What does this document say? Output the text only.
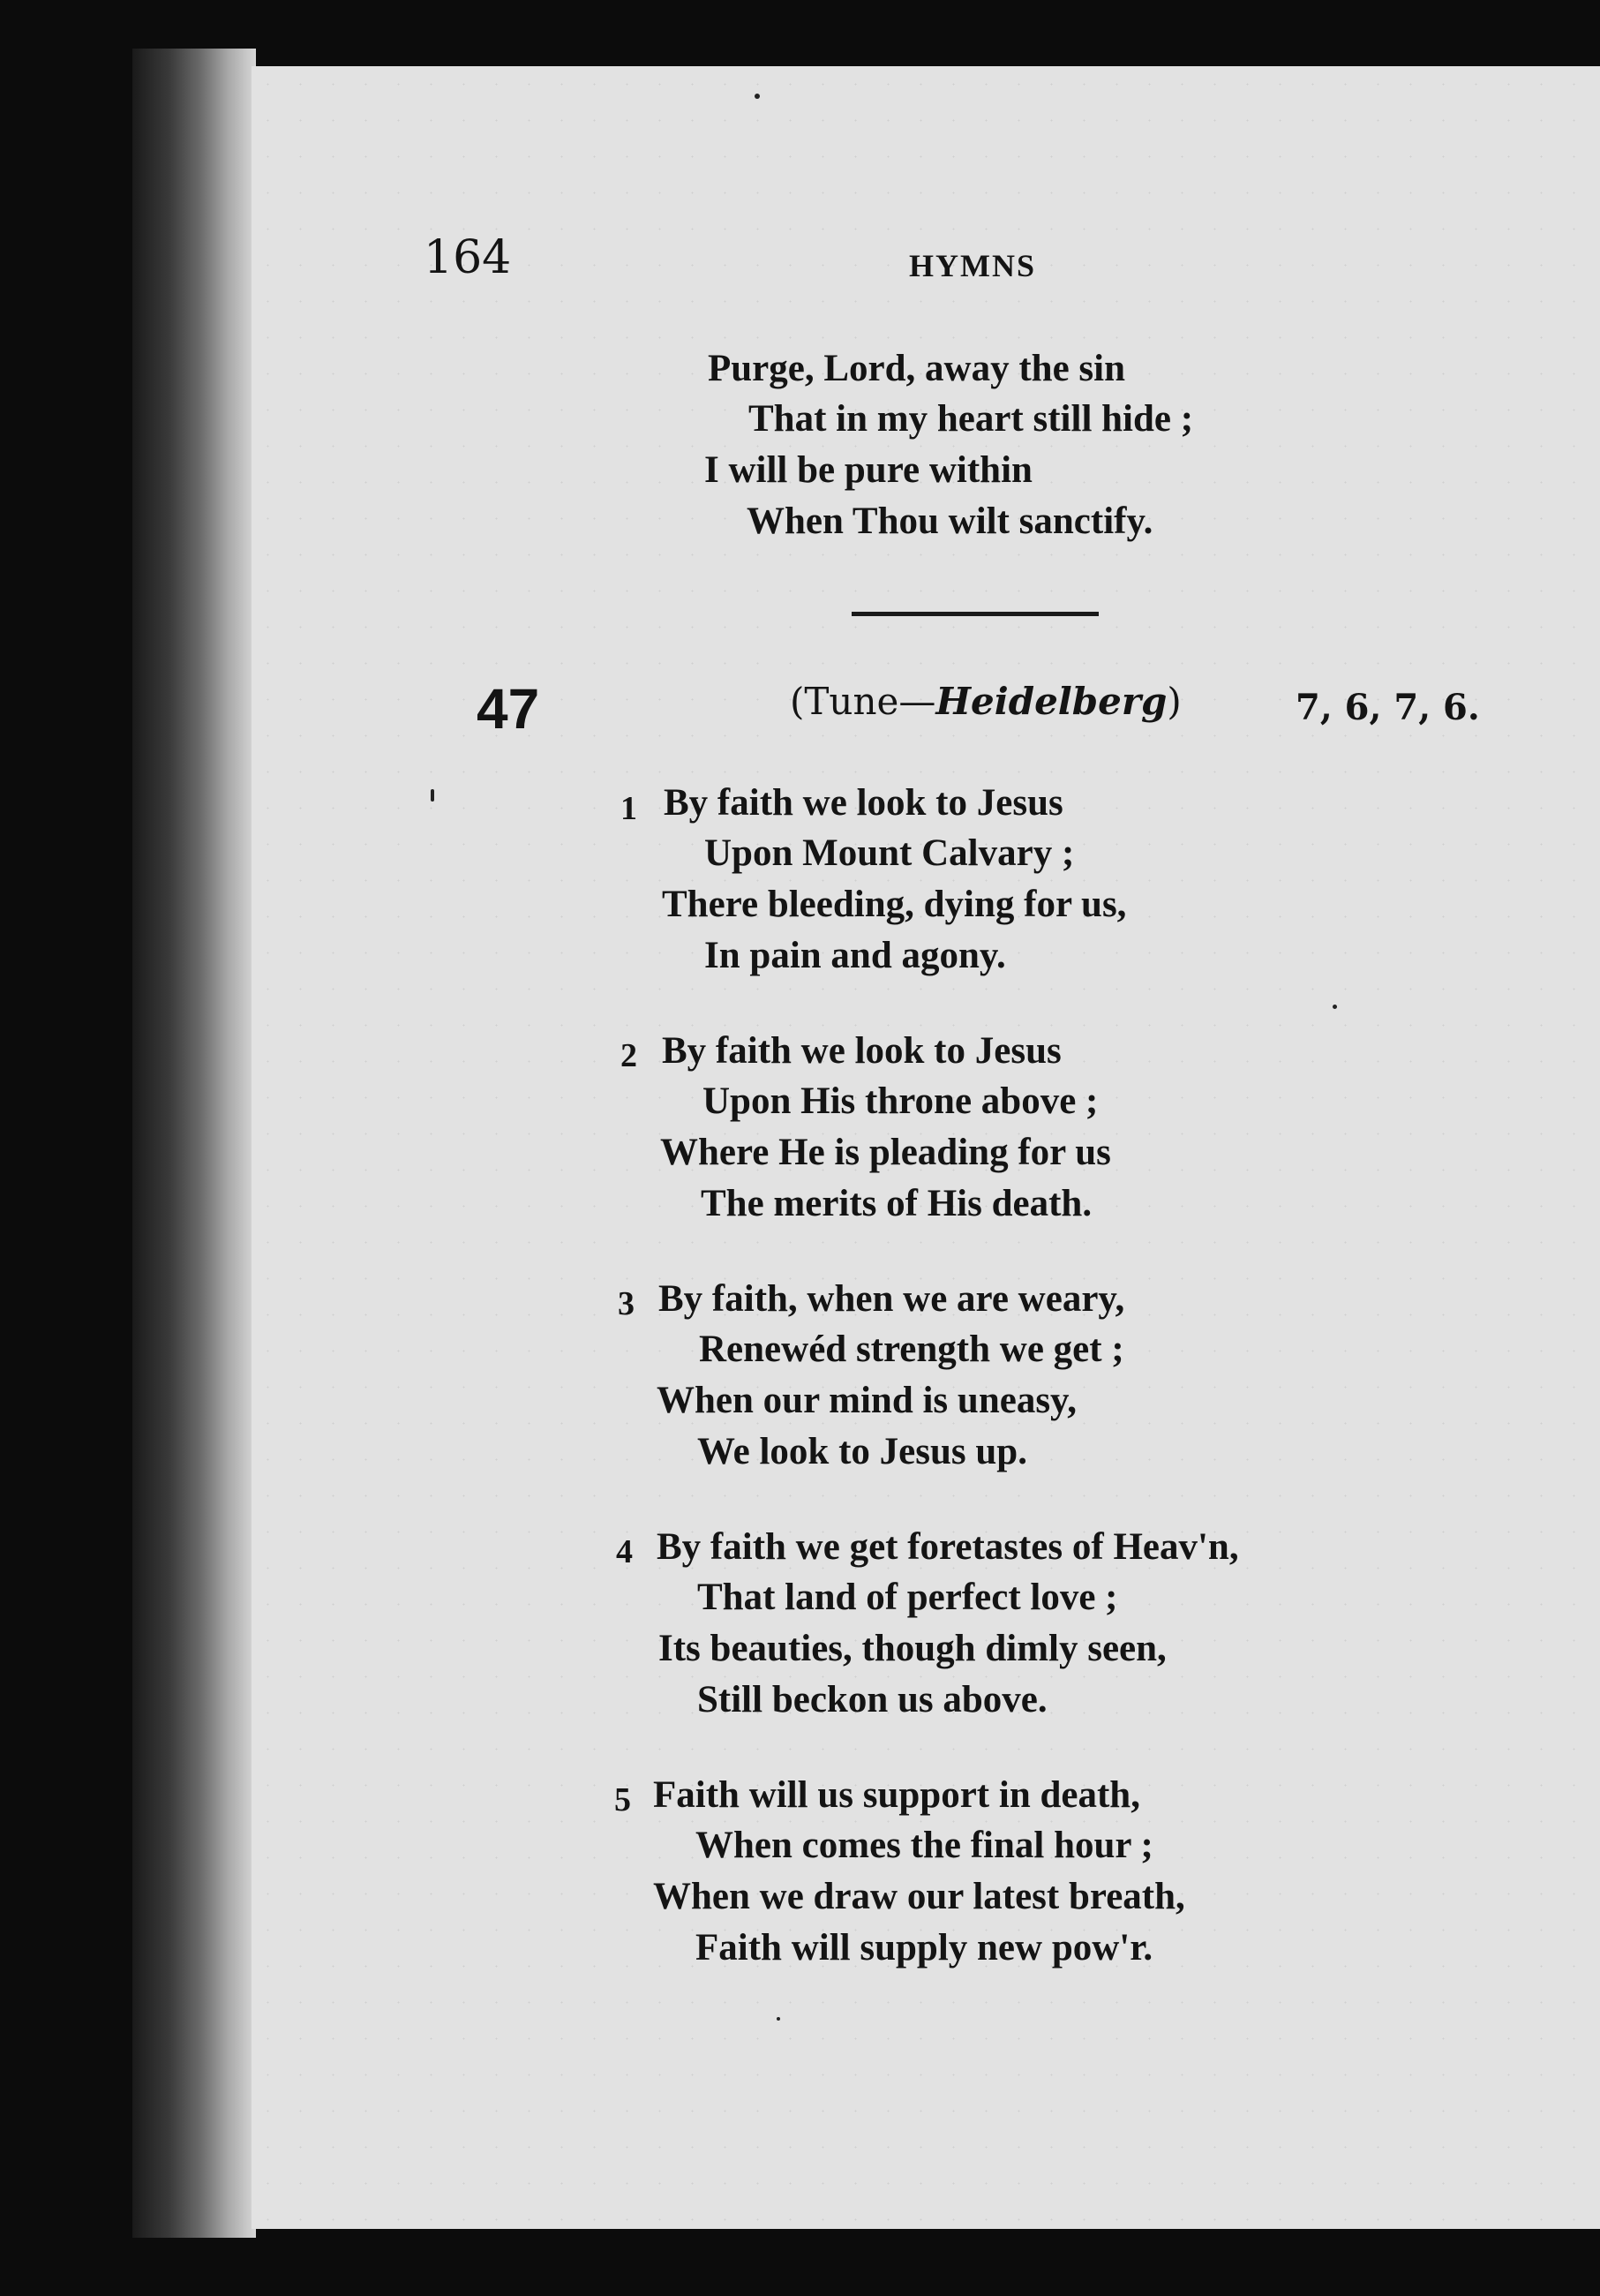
164	HYMNS
Purge, Lord, away the sin
That in my heart still hide ;
I will be pure within
When Thou wilt sanctify.
47	(Tune—Heidelberg)	7, 6, 7, 6.
1 By faith we look to Jesus
Upon Mount Calvary ;
There bleeding, dying for us,
In pain and agony.
2 By faith we look to Jesus
Upon His throne above ;
Where He is pleading for us
The merits of His death.
3 By faith, when we are weary,
Renewéd strength we get ;
When our mind is uneasy,
We look to Jesus up.
4 By faith we get foretastes of Heav'n,
That land of perfect love ;
Its beauties, though dimly seen,
Still beckon us above.
5 Faith will us support in death,
When comes the final hour ;
When we draw our latest breath,
Faith will supply new pow'r.
